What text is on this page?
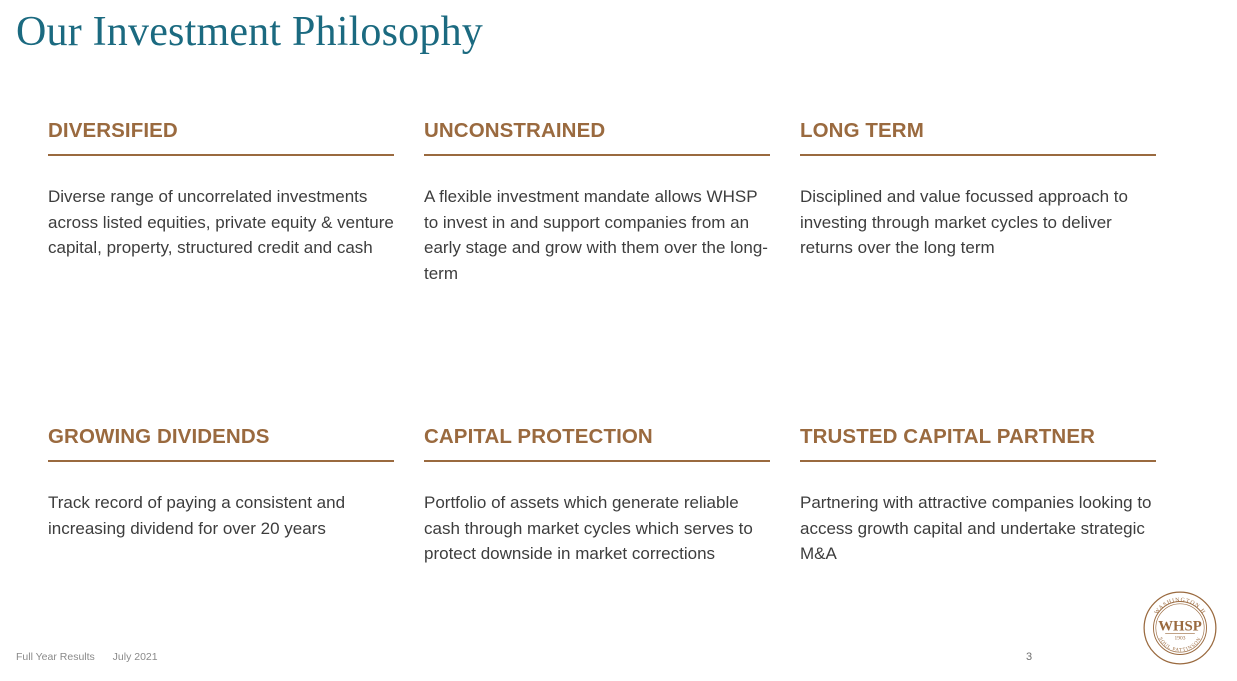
Our Investment Philosophy
DIVERSIFIED

Diverse range of uncorrelated investments across listed equities, private equity & venture capital, property, structured credit and cash

UNCONSTRAINED

A flexible investment mandate allows WHSP to invest in and support companies from an early stage and grow with them over the long-term

LONG TERM

Disciplined and value focussed approach to investing through market cycles to deliver returns over the long term

GROWING DIVIDENDS

Track record of paying a consistent and increasing dividend for over 20 years

CAPITAL PROTECTION

Portfolio of assets which generate reliable cash through market cycles which serves to protect downside in market corrections

TRUSTED CAPITAL PARTNER

Partnering with attractive companies looking to access growth capital and undertake strategic M&A

Full Year Results July 2021	3
WASHINGTON H
SOUL PATTINSON
WHSP
1903
